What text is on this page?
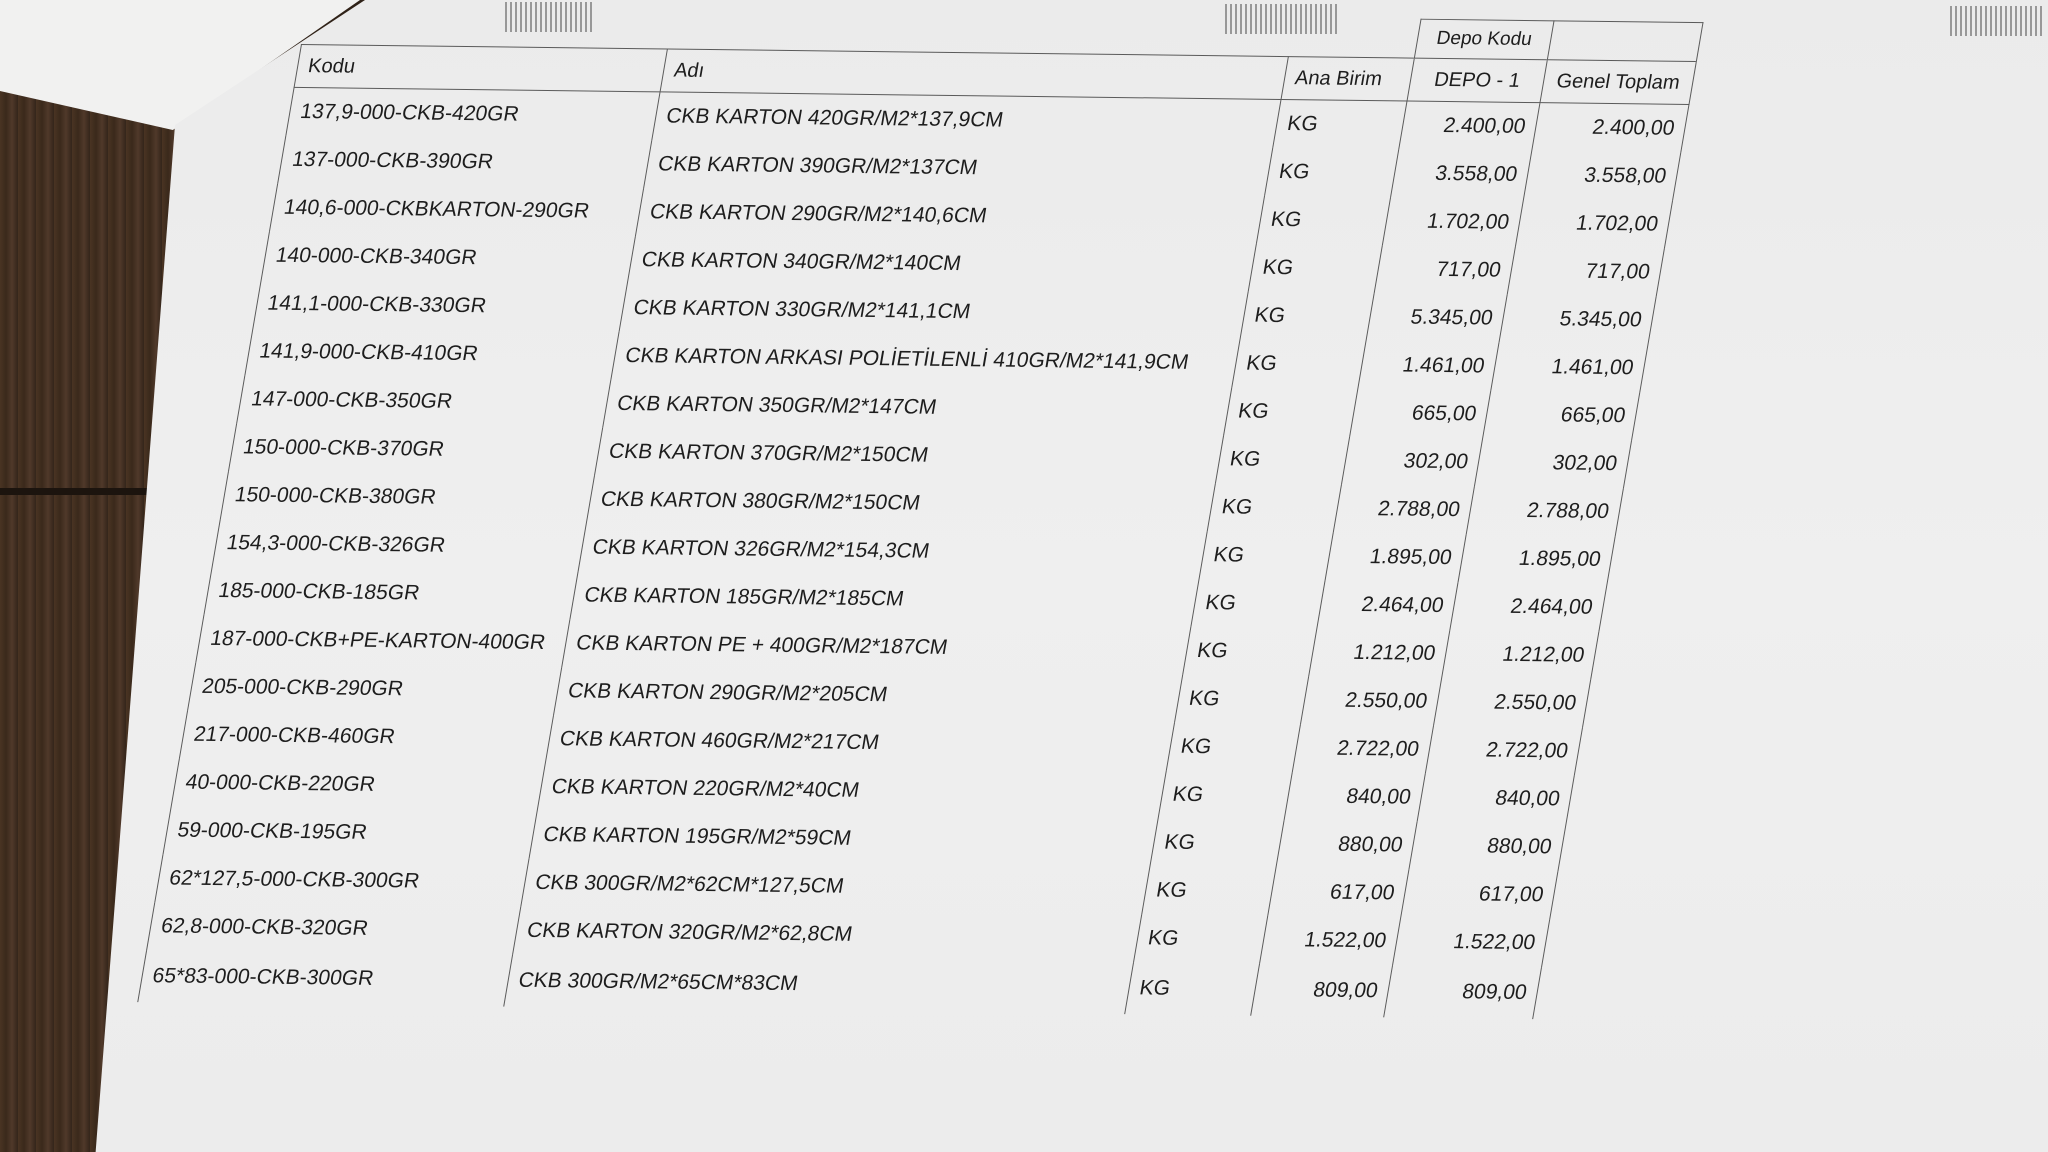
			Depo Kodu	
Kodu	Adı	Ana Birim	DEPO - 1	Genel Toplam
137,9-000-CKB-420GR	CKB KARTON 420GR/M2*137,9CM	KG	2.400,00	2.400,00
137-000-CKB-390GR	CKB KARTON 390GR/M2*137CM	KG	3.558,00	3.558,00
140,6-000-CKBKARTON-290GR	CKB KARTON 290GR/M2*140,6CM	KG	1.702,00	1.702,00
140-000-CKB-340GR	CKB KARTON 340GR/M2*140CM	KG	717,00	717,00
141,1-000-CKB-330GR	CKB KARTON 330GR/M2*141,1CM	KG	5.345,00	5.345,00
141,9-000-CKB-410GR	CKB KARTON ARKASI POLİETİLENLİ 410GR/M2*141,9CM	KG	1.461,00	1.461,00
147-000-CKB-350GR	CKB KARTON 350GR/M2*147CM	KG	665,00	665,00
150-000-CKB-370GR	CKB KARTON 370GR/M2*150CM	KG	302,00	302,00
150-000-CKB-380GR	CKB KARTON 380GR/M2*150CM	KG	2.788,00	2.788,00
154,3-000-CKB-326GR	CKB KARTON 326GR/M2*154,3CM	KG	1.895,00	1.895,00
185-000-CKB-185GR	CKB KARTON 185GR/M2*185CM	KG	2.464,00	2.464,00
187-000-CKB+PE-KARTON-400GR	CKB KARTON PE + 400GR/M2*187CM	KG	1.212,00	1.212,00
205-000-CKB-290GR	CKB KARTON 290GR/M2*205CM	KG	2.550,00	2.550,00
217-000-CKB-460GR	CKB KARTON 460GR/M2*217CM	KG	2.722,00	2.722,00
40-000-CKB-220GR	CKB KARTON 220GR/M2*40CM	KG	840,00	840,00
59-000-CKB-195GR	CKB KARTON 195GR/M2*59CM	KG	880,00	880,00
62*127,5-000-CKB-300GR	CKB 300GR/M2*62CM*127,5CM	KG	617,00	617,00
62,8-000-CKB-320GR	CKB KARTON 320GR/M2*62,8CM	KG	1.522,00	1.522,00
65*83-000-CKB-300GR	CKB 300GR/M2*65CM*83CM	KG	809,00	809,00
